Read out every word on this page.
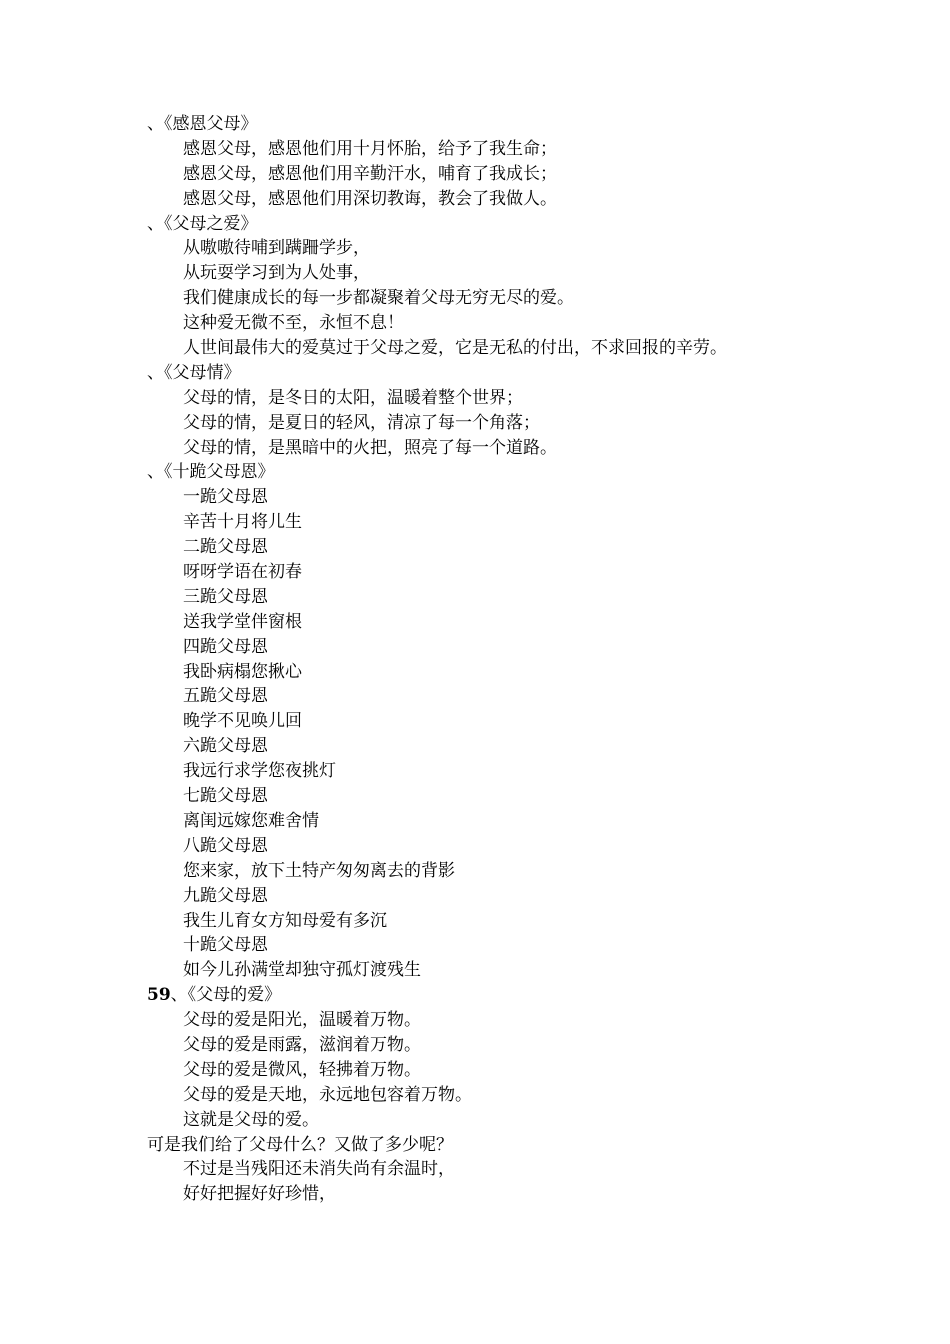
、《感恩父母》
感恩父母，感恩他们用十月怀胎，给予了我生命；
感恩父母，感恩他们用辛勤汗水，哺育了我成长；
感恩父母，感恩他们用深切教诲，教会了我做人。
、《父母之爱》
从嗷嗷待哺到蹒跚学步，
从玩耍学习到为人处事，
我们健康成长的每一步都凝聚着父母无穷无尽的爱。
这种爱无微不至，永恒不息！
人世间最伟大的爱莫过于父母之爱，它是无私的付出，不求回报的辛劳。
、《父母情》
父母的情，是冬日的太阳，温暖着整个世界；
父母的情，是夏日的轻风，清凉了每一个角落；
父母的情，是黑暗中的火把，照亮了每一个道路。
、《十跪父母恩》
一跪父母恩
辛苦十月将儿生
二跪父母恩
呀呀学语在初春
三跪父母恩
送我学堂伴窗根
四跪父母恩
我卧病榻您揪心
五跪父母恩
晚学不见唤儿回
六跪父母恩
我远行求学您夜挑灯
七跪父母恩
离闺远嫁您难舍情
八跪父母恩
您来家，放下土特产匆匆离去的背影
九跪父母恩
我生儿育女方知母爱有多沉
十跪父母恩
如今儿孙满堂却独守孤灯渡残生
59、《父母的爱》
父母的爱是阳光，温暖着万物。
父母的爱是雨露，滋润着万物。
父母的爱是微风，轻拂着万物。
父母的爱是天地，永远地包容着万物。
这就是父母的爱。
可是我们给了父母什么？又做了多少呢？
不过是当残阳还未消失尚有余温时，
好好把握好好珍惜，
